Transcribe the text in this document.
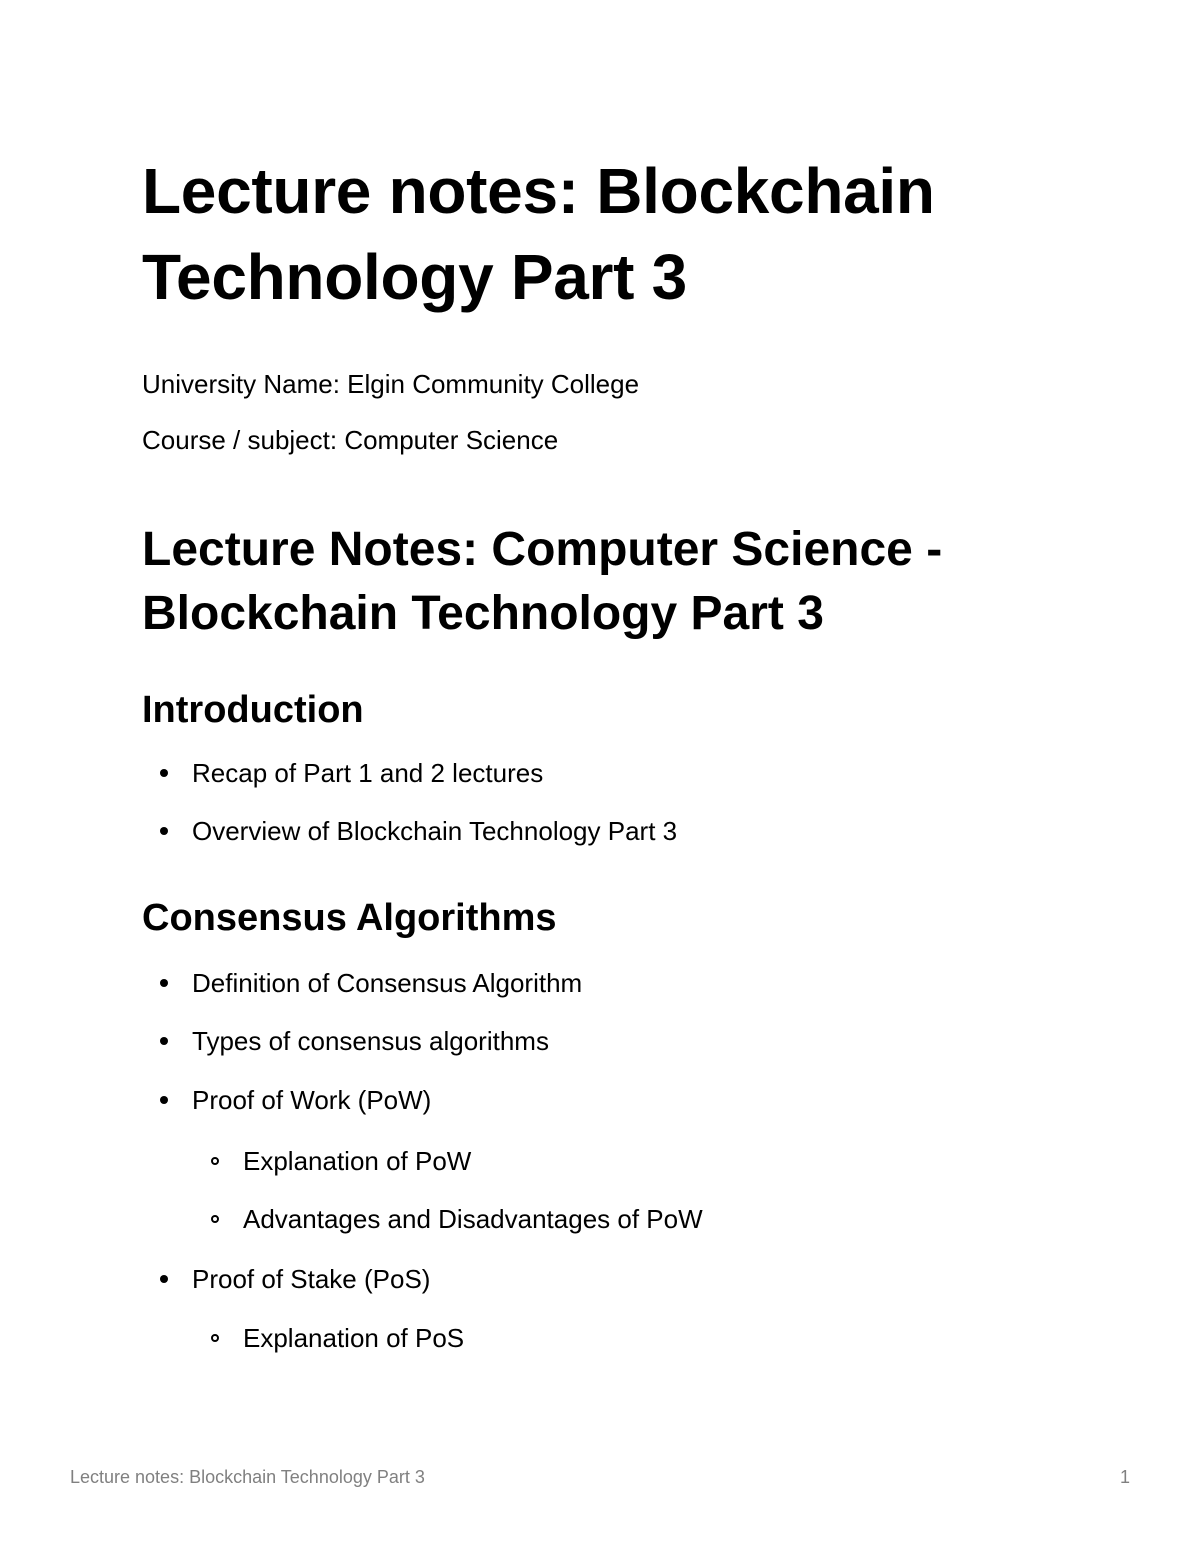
Lecture notes: Blockchain Technology Part 3

University Name: Elgin Community College

Course / subject: Computer Science

Lecture Notes: Computer Science - Blockchain Technology Part 3
Introduction
Recap of Part 1 and 2 lectures
Overview of Blockchain Technology Part 3
Consensus Algorithms
Definition of Consensus Algorithm
Types of consensus algorithms
Proof of Work (PoW)
Explanation of PoW
Advantages and Disadvantages of PoW
Proof of Stake (PoS)
Explanation of PoS

Lecture notes: Blockchain Technology Part 3	1
